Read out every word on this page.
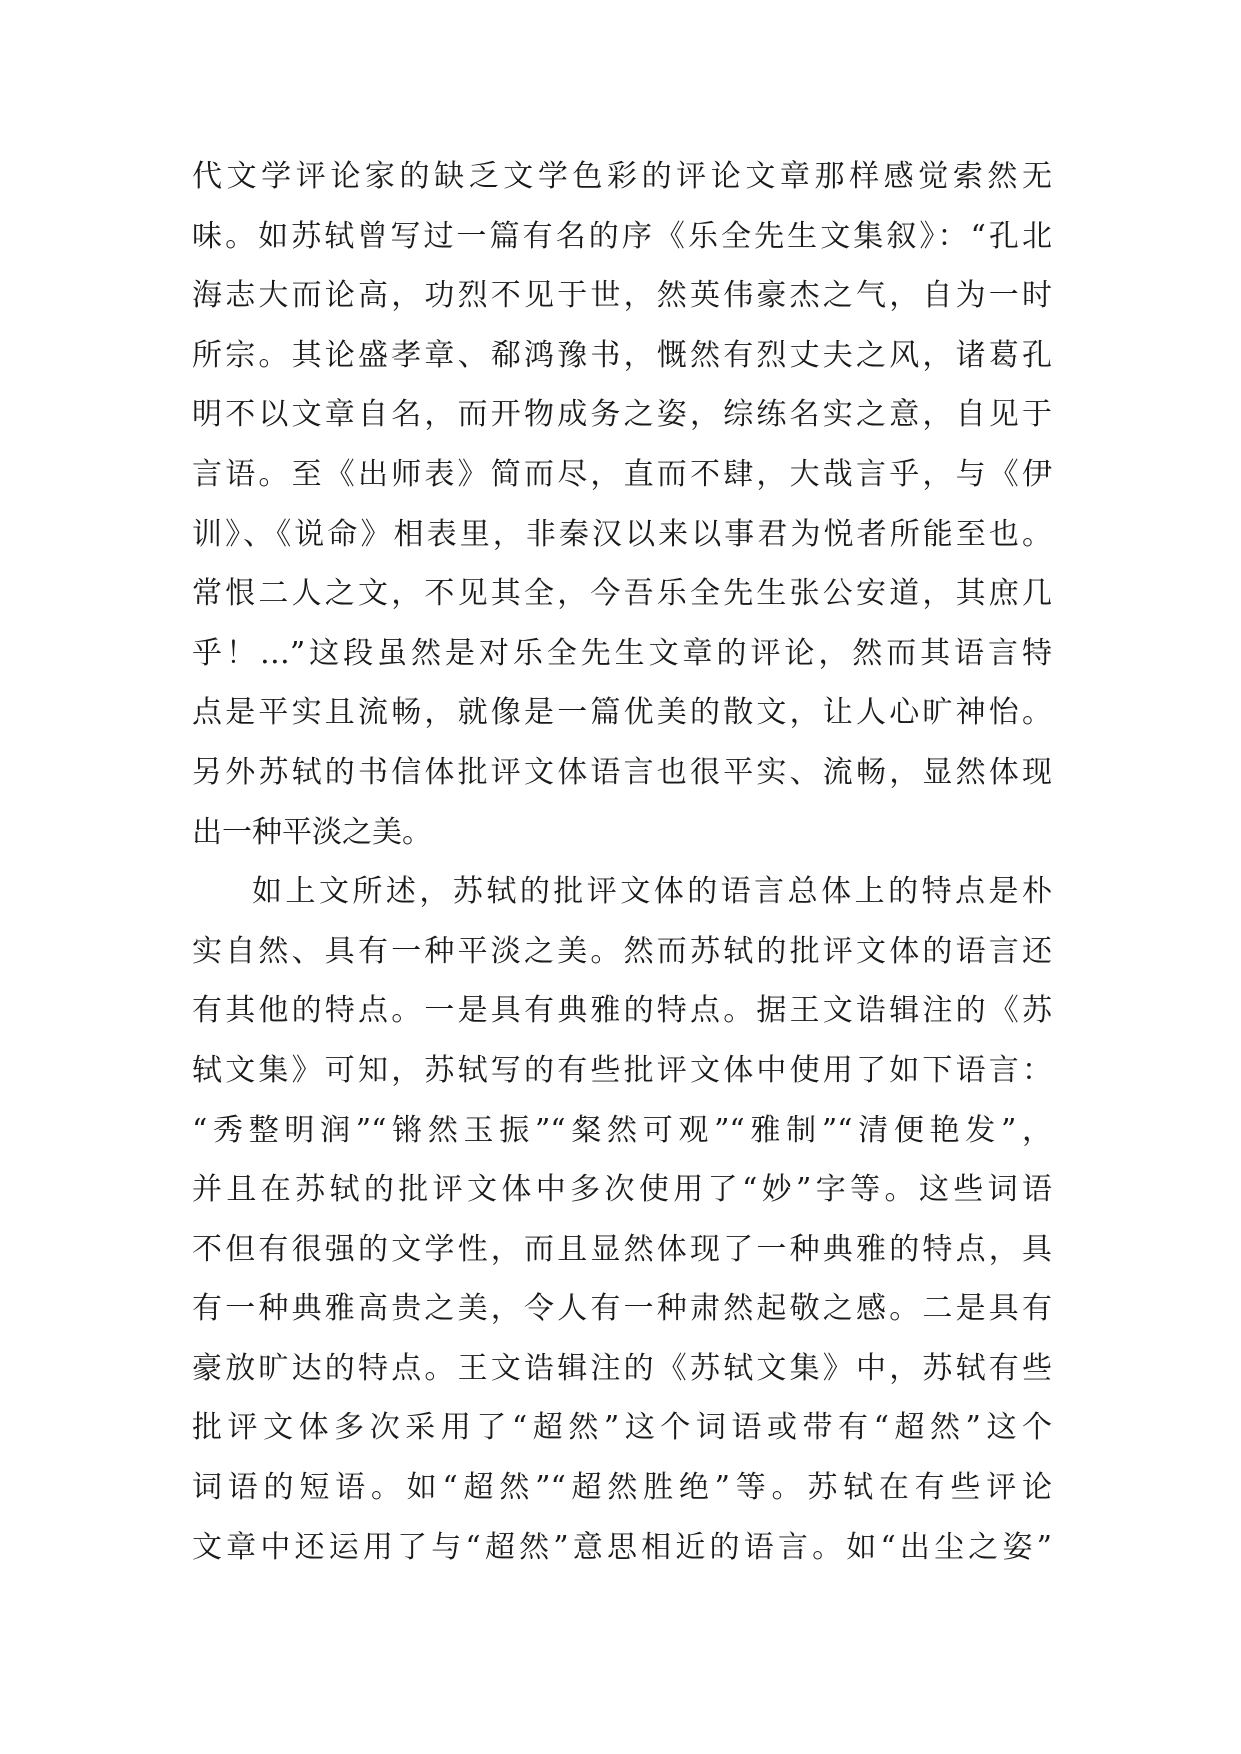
代文学评论家的缺乏文学色彩的评论文章那样感觉索然无
味。如苏轼曾写过一篇有名的序《乐全先生文集叙》：“孔北
海志大而论高，功烈不见于世，然英伟豪杰之气，自为一时
所宗。其论盛孝章、郗鸿豫书，慨然有烈丈夫之风，诸葛孔
明不以文章自名，而开物成务之姿，综练名实之意，自见于
言语。至《出师表》简而尽，直而不肆，大哉言乎，与《伊
训》、《说命》相表里，非秦汉以来以事君为悦者所能至也。
常恨二人之文，不见其全，今吾乐全先生张公安道，其庶几
乎！…”这段虽然是对乐全先生文章的评论，然而其语言特
点是平实且流畅，就像是一篇优美的散文，让人心旷神怡。
另外苏轼的书信体批评文体语言也很平实、流畅，显然体现
出一种平淡之美。
如上文所述，苏轼的批评文体的语言总体上的特点是朴
实自然、具有一种平淡之美。然而苏轼的批评文体的语言还
有其他的特点。一是具有典雅的特点。据王文诰辑注的《苏
轼文集》可知，苏轼写的有些批评文体中使用了如下语言：
“秀整明润”“锵然玉振”“粲然可观”“雅制”“清便艳发”，
并且在苏轼的批评文体中多次使用了“妙”字等。这些词语
不但有很强的文学性，而且显然体现了一种典雅的特点，具
有一种典雅高贵之美，令人有一种肃然起敬之感。二是具有
豪放旷达的特点。王文诰辑注的《苏轼文集》中，苏轼有些
批评文体多次采用了“超然”这个词语或带有“超然”这个
词语的短语。如“超然”“超然胜绝”等。苏轼在有些评论
文章中还运用了与“超然”意思相近的语言。如“出尘之姿”
